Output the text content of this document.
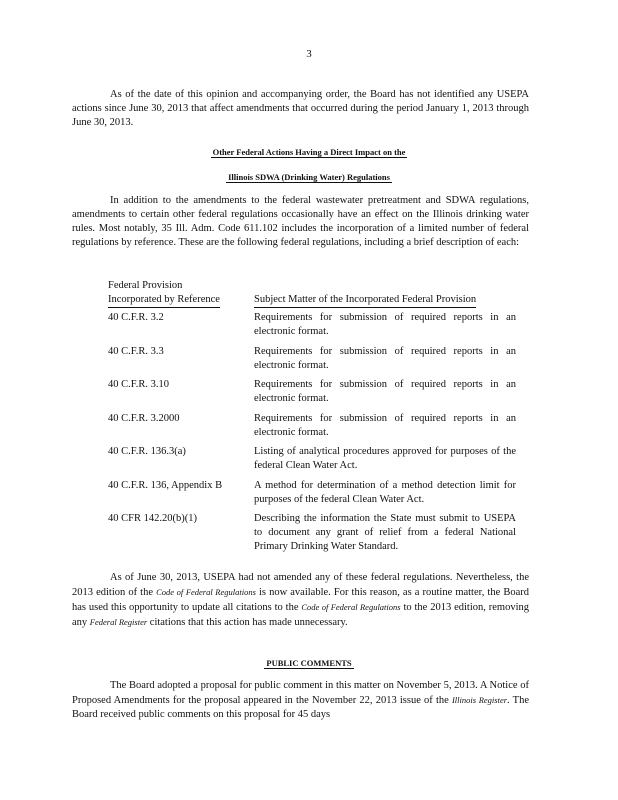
3

As of the date of this opinion and accompanying order, the Board has not identified any USEPA actions since June 30, 2013 that affect amendments that occurred during the period January 1, 2013 through June 30, 2013.

Other Federal Actions Having a Direct Impact on the

Illinois SDWA (Drinking Water) Regulations

In addition to the amendments to the federal wastewater pretreatment and SDWA regulations, amendments to certain other federal regulations occasionally have an effect on the Illinois drinking water rules. Most notably, 35 Ill. Adm. Code 611.102 includes the incorporation of a limited number of federal regulations by reference. These are the following federal regulations, including a brief description of each:

Federal Provision
Incorporated by Reference	Subject Matter of the Incorporated Federal Provision
40 C.F.R. 3.2	Requirements for submission of required reports in an electronic format.
40 C.F.R. 3.3	Requirements for submission of required reports in an electronic format.
40 C.F.R. 3.10	Requirements for submission of required reports in an electronic format.
40 C.F.R. 3.2000	Requirements for submission of required reports in an electronic format.
40 C.F.R. 136.3(a)	Listing of analytical procedures approved for purposes of the federal Clean Water Act.
40 C.F.R. 136, Appendix B	A method for determination of a method detection limit for purposes of the federal Clean Water Act.
40 CFR 142.20(b)(1)	Describing the information the State must submit to USEPA to document any grant of relief from a federal National Primary Drinking Water Standard.

As of June 30, 2013, USEPA had not amended any of these federal regulations. Nevertheless, the 2013 edition of the Code of Federal Regulations is now available. For this reason, as a routine matter, the Board has used this opportunity to update all citations to the Code of Federal Regulations to the 2013 edition, removing any Federal Register citations that this action has made unnecessary.

PUBLIC COMMENTS

The Board adopted a proposal for public comment in this matter on November 5, 2013. A Notice of Proposed Amendments for the proposal appeared in the November 22, 2013 issue of the Illinois Register. The Board received public comments on this proposal for 45 days
